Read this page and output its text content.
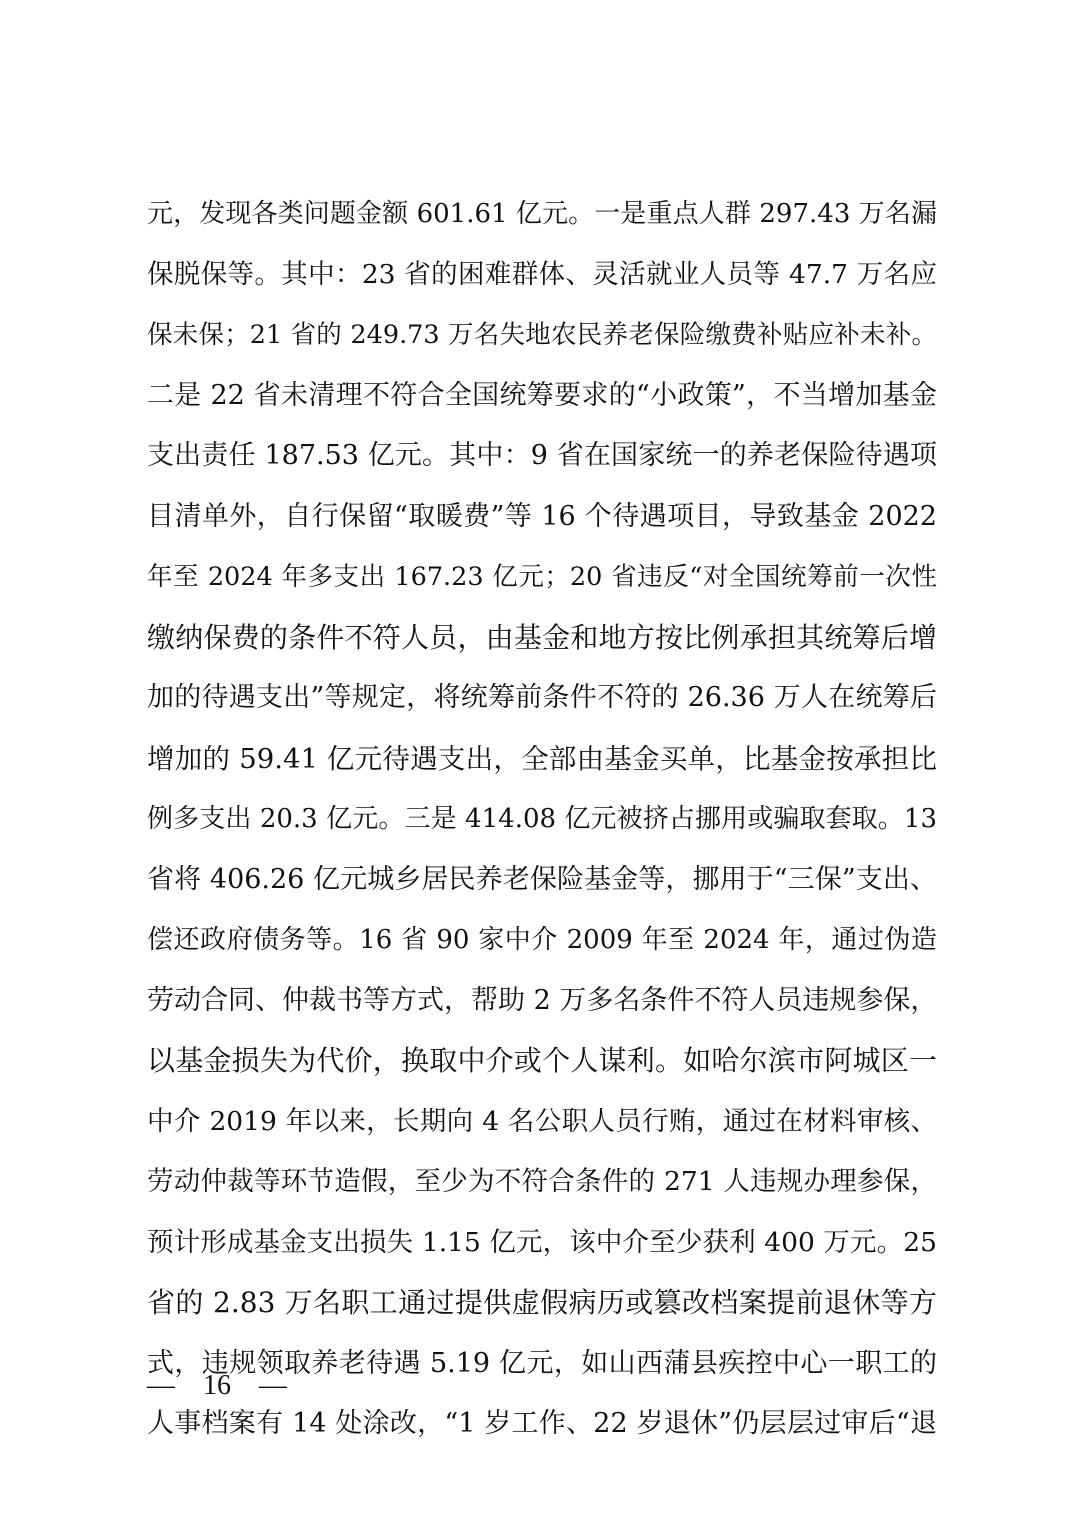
元，发现各类问题金额 601.61 亿元。一是重点人群 297.43 万名漏
保脱保等。其中：23 省的困难群体、灵活就业人员等 47.7 万名应
保未保；21 省的 249.73 万名失地农民养老保险缴费补贴应补未补。
二是 22 省未清理不符合全国统筹要求的“小政策”，不当增加基金
支出责任 187.53 亿元。其中：9 省在国家统一的养老保险待遇项
目清单外，自行保留“取暖费”等 16 个待遇项目，导致基金 2022
年至 2024 年多支出 167.23 亿元；20 省违反“对全国统筹前一次性
缴纳保费的条件不符人员，由基金和地方按比例承担其统筹后增
加的待遇支出”等规定，将统筹前条件不符的 26.36 万人在统筹后
增加的 59.41 亿元待遇支出，全部由基金买单，比基金按承担比
例多支出 20.3 亿元。三是 414.08 亿元被挤占挪用或骗取套取。13
省将 406.26 亿元城乡居民养老保险基金等，挪用于“三保”支出、
偿还政府债务等。16 省 90 家中介 2009 年至 2024 年，通过伪造
劳动合同、仲裁书等方式，帮助 2 万多名条件不符人员违规参保，
以基金损失为代价，换取中介或个人谋利。如哈尔滨市阿城区一
中介 2019 年以来，长期向 4 名公职人员行贿，通过在材料审核、
劳动仲裁等环节造假，至少为不符合条件的 271 人违规办理参保，
预计形成基金支出损失 1.15 亿元，该中介至少获利 400 万元。25
省的 2.83 万名职工通过提供虚假病历或篡改档案提前退休等方
式，违规领取养老待遇 5.19 亿元，如山西蒲县疾控中心一职工的
人事档案有 14 处涂改，“1 岁工作、22 岁退休”仍层层过审后“退
— 16 —
